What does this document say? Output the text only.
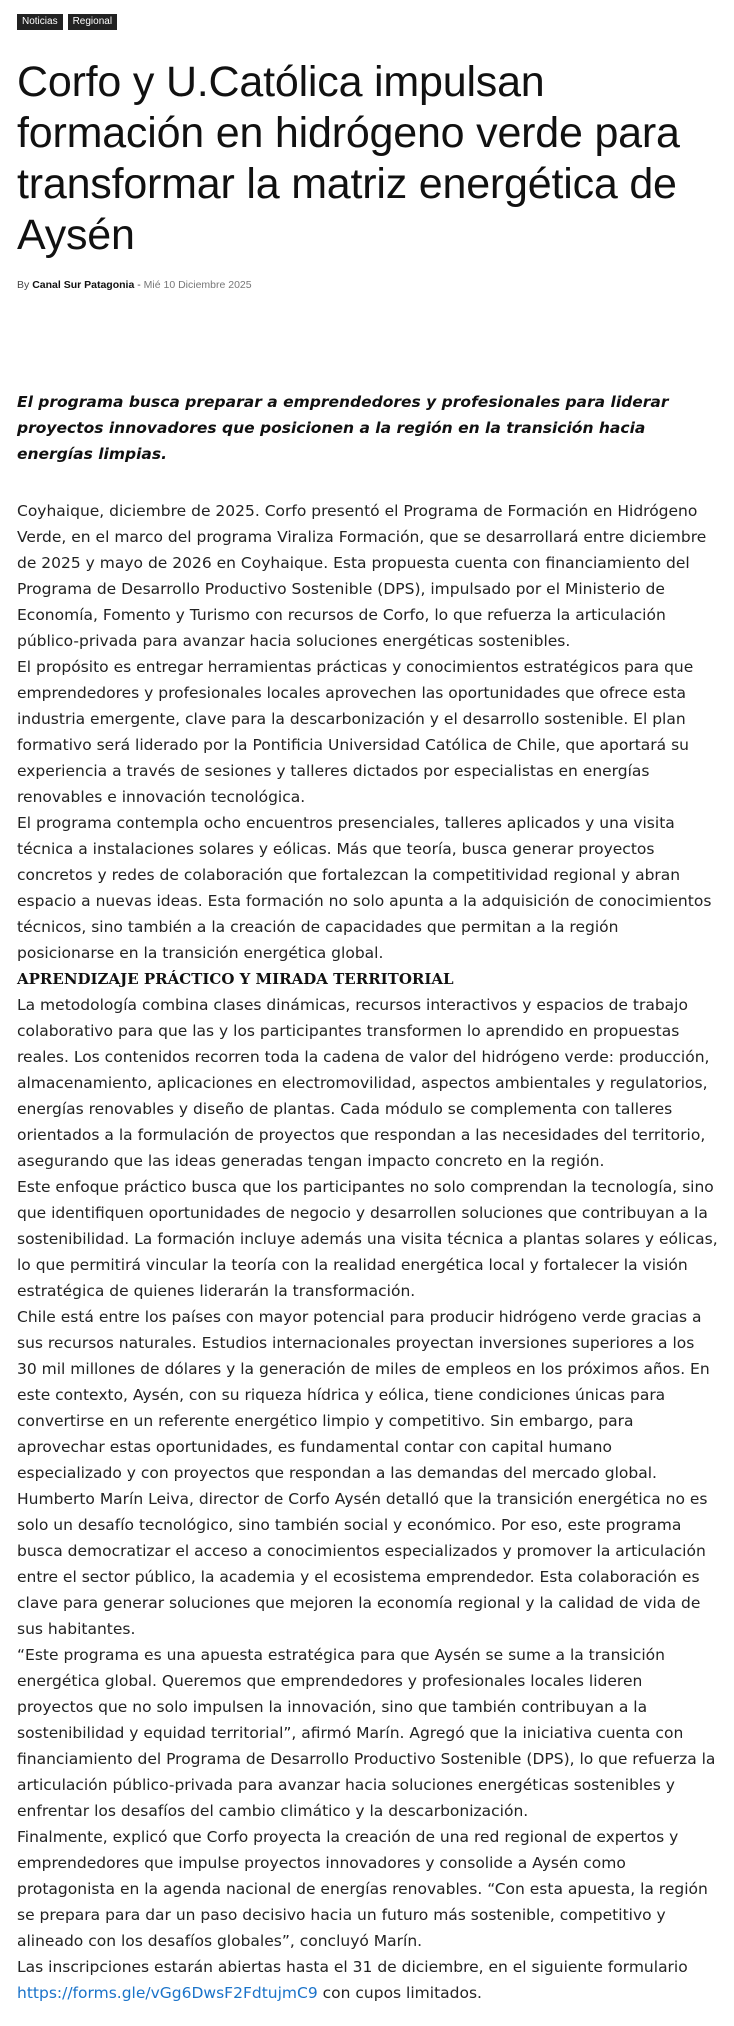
Noticias	Regional
Corfo y U.Católica impulsan formación en hidrógeno verde para transformar la matriz energética de Aysén
By Canal Sur Patagonia - Mié 10 Diciembre 2025

El programa busca preparar a emprendedores y profesionales para liderar proyectos innovadores que posicionen a la región en la transición hacia energías limpias.

Coyhaique, diciembre de 2025. Corfo presentó el Programa de Formación en Hidrógeno Verde, en el marco del programa Viraliza Formación, que se desarrollará entre diciembre de 2025 y mayo de 2026 en Coyhaique. Esta propuesta cuenta con financiamiento del Programa de Desarrollo Productivo Sostenible (DPS), impulsado por el Ministerio de Economía, Fomento y Turismo con recursos de Corfo, lo que refuerza la articulación público-privada para avanzar hacia soluciones energéticas sostenibles.

El propósito es entregar herramientas prácticas y conocimientos estratégicos para que emprendedores y profesionales locales aprovechen las oportunidades que ofrece esta industria emergente, clave para la descarbonización y el desarrollo sostenible. El plan formativo será liderado por la Pontificia Universidad Católica de Chile, que aportará su experiencia a través de sesiones y talleres dictados por especialistas en energías renovables e innovación tecnológica.

El programa contempla ocho encuentros presenciales, talleres aplicados y una visita técnica a instalaciones solares y eólicas. Más que teoría, busca generar proyectos concretos y redes de colaboración que fortalezcan la competitividad regional y abran espacio a nuevas ideas. Esta formación no solo apunta a la adquisición de conocimientos técnicos, sino también a la creación de capacidades que permitan a la región posicionarse en la transición energética global.

APRENDIZAJE PRÁCTICO Y MIRADA TERRITORIAL

La metodología combina clases dinámicas, recursos interactivos y espacios de trabajo colaborativo para que las y los participantes transformen lo aprendido en propuestas reales. Los contenidos recorren toda la cadena de valor del hidrógeno verde: producción, almacenamiento, aplicaciones en electromovilidad, aspectos ambientales y regulatorios, energías renovables y diseño de plantas. Cada módulo se complementa con talleres orientados a la formulación de proyectos que respondan a las necesidades del territorio, asegurando que las ideas generadas tengan impacto concreto en la región.

Este enfoque práctico busca que los participantes no solo comprendan la tecnología, sino que identifiquen oportunidades de negocio y desarrollen soluciones que contribuyan a la sostenibilidad. La formación incluye además una visita técnica a plantas solares y eólicas, lo que permitirá vincular la teoría con la realidad energética local y fortalecer la visión estratégica de quienes liderarán la transformación.

Chile está entre los países con mayor potencial para producir hidrógeno verde gracias a sus recursos naturales. Estudios internacionales proyectan inversiones superiores a los 30 mil millones de dólares y la generación de miles de empleos en los próximos años. En este contexto, Aysén, con su riqueza hídrica y eólica, tiene condiciones únicas para convertirse en un referente energético limpio y competitivo. Sin embargo, para aprovechar estas oportunidades, es fundamental contar con capital humano especializado y con proyectos que respondan a las demandas del mercado global.

Humberto Marín Leiva, director de Corfo Aysén detalló que la transición energética no es solo un desafío tecnológico, sino también social y económico. Por eso, este programa busca democratizar el acceso a conocimientos especializados y promover la articulación entre el sector público, la academia y el ecosistema emprendedor. Esta colaboración es clave para generar soluciones que mejoren la economía regional y la calidad de vida de sus habitantes.

“Este programa es una apuesta estratégica para que Aysén se sume a la transición energética global. Queremos que emprendedores y profesionales locales lideren proyectos que no solo impulsen la innovación, sino que también contribuyan a la sostenibilidad y equidad territorial”, afirmó Marín. Agregó que la iniciativa cuenta con financiamiento del Programa de Desarrollo Productivo Sostenible (DPS), lo que refuerza la articulación público-privada para avanzar hacia soluciones energéticas sostenibles y enfrentar los desafíos del cambio climático y la descarbonización.

Finalmente, explicó que Corfo proyecta la creación de una red regional de expertos y emprendedores que impulse proyectos innovadores y consolide a Aysén como protagonista en la agenda nacional de energías renovables. “Con esta apuesta, la región se prepara para dar un paso decisivo hacia un futuro más sostenible, competitivo y alineado con los desafíos globales”, concluyó Marín.

Las inscripciones estarán abiertas hasta el 31 de diciembre, en el siguiente formulario https://forms.gle/vGg6DwsF2FdtujmC9 con cupos limitados.
